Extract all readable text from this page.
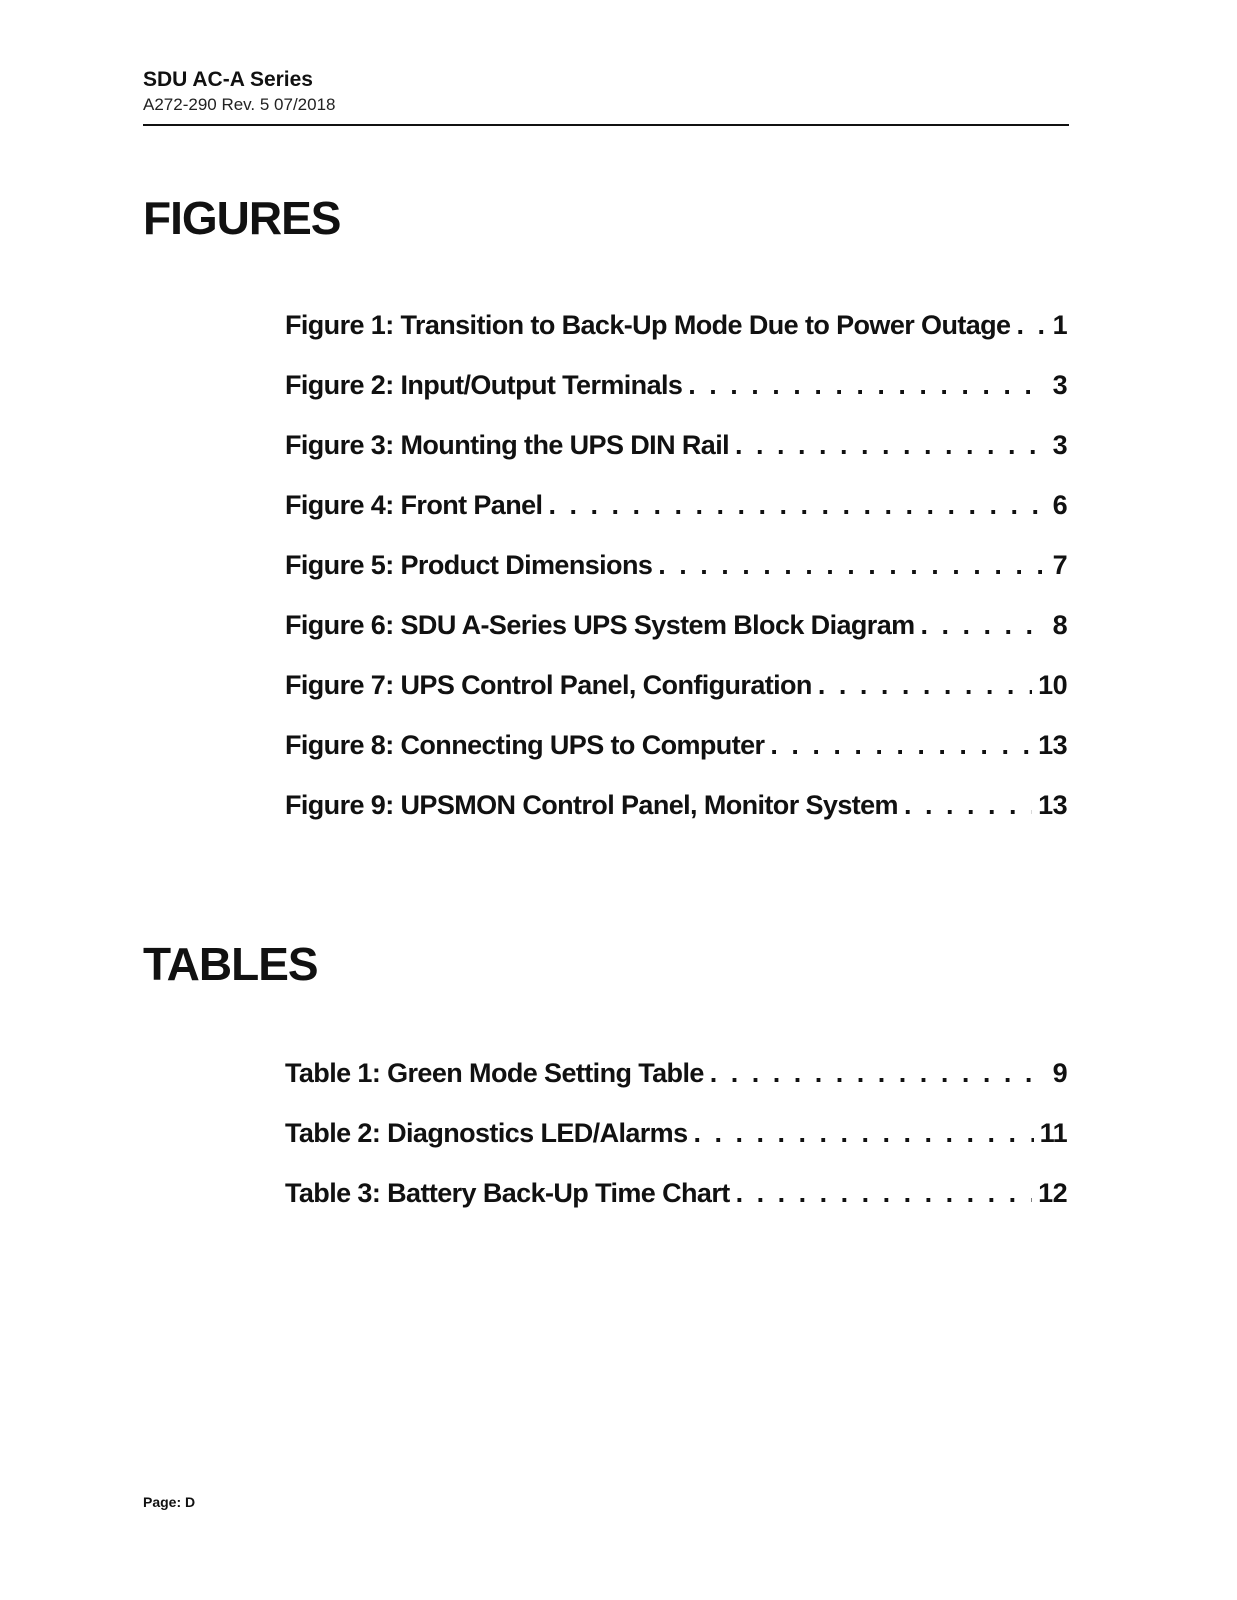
SDU AC-A Series
A272-290 Rev. 5 07/2018
FIGURES
Figure 1: Transition to Back-Up Mode Due to Power Outage . . . 1
Figure 2: Input/Output Terminals . . .	3
Figure 3: Mounting the UPS DIN Rail . . .	3
Figure 4: Front Panel . . .	6
Figure 5: Product Dimensions . . .	7
Figure 6: SDU A-Series UPS System Block Diagram . . .	8
Figure 7: UPS Control Panel, Configuration . . .	10
Figure 8: Connecting UPS to Computer . . .	13
Figure 9: UPSMON Control Panel, Monitor System . . .	13
TABLES
Table 1: Green Mode Setting Table . . .	9
Table 2: Diagnostics LED/Alarms . . .	11
Table 3: Battery Back-Up Time Chart . . .	12
Page: D
